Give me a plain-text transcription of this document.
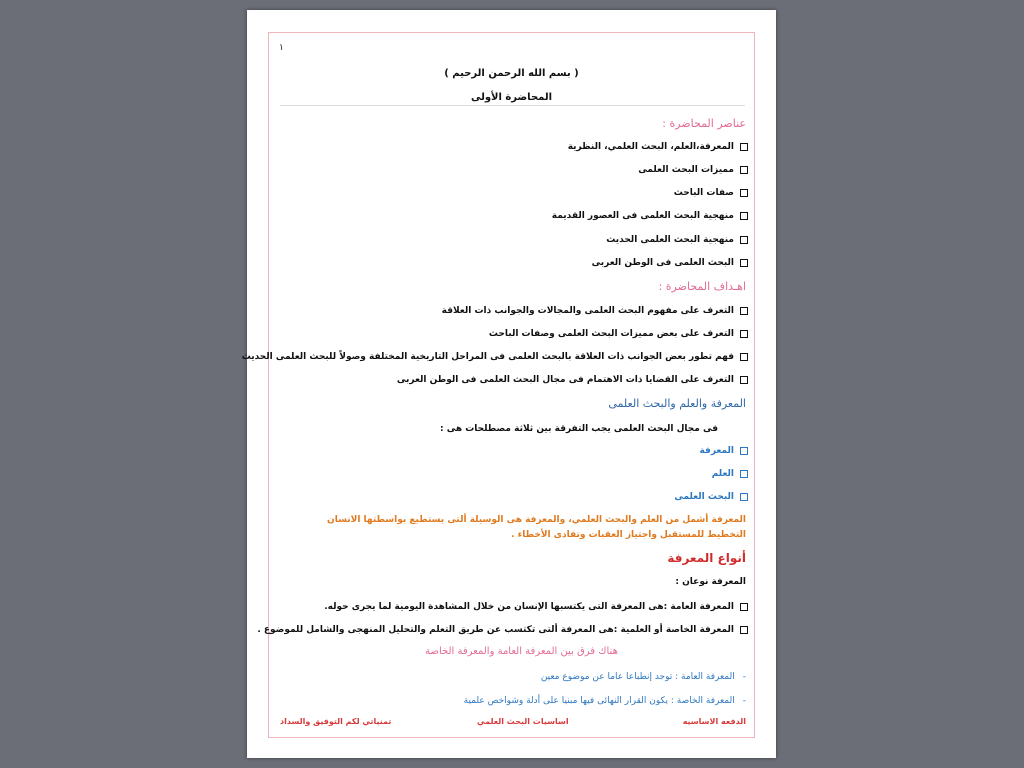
١
( بسم الله الرحمن الرحيم )
المحاضرة الأولى
عناصر المحاضرة :
المعرفة،العلم، البحث العلمي، النظرية
مميزات البحث العلمى
صفات الباحث
منهجية البحث العلمى فى العصور القديمة
منهجية البحث العلمى الحديث
البحث العلمى فى الوطن العربى
اهـداف المحاضرة :
التعرف على مفهوم البحث العلمى والمجالات والجوانب ذات العلاقة
التعرف على بعض مميزات البحث العلمى وصفات الباحث
فهم تطور بعض الجوانب ذات العلاقة بالبحث العلمى فى المراحل التاريخية المختلفة وصولاً للبحث العلمى الحديث
التعرف على القضايا ذات الاهتمام فى مجال البحث العلمى فى الوطن العربى
المعرفة والعلم والبحث العلمى
فى مجال البحث العلمى يجب التفرقة بين ثلاثة مصطلحات هى :
المعرفة
العلم
البحث العلمى
المعرفة أشمل من العلم والبحث العلمي، والمعرفة هى الوسيلة ألتى يستطيع بواسطتها الانسان التخطيط للمستقبل واجتياز العقبات وتفادى الأخطاء .
أنواع المعرفة
المعرفة نوعان :
المعرفة العامة :هى المعرفة التى يكتسبها الإنسان من خلال المشاهدة اليومية لما يجرى حوله.
المعرفة الخاصة أو العلمية :هى المعرفة ألتى تكتسب عن طريق التعلم والتحليل المنهجى والشامل للموضوع .
هناك فرق بين المعرفة العامة والمعرفة الخاصة
-
المعرفة العامة : توجد إنطباعا عاما عن موضوع معين
-
المعرفة الخاصة : يكون القرار النهائى فيها مبنيا على أدلة وشواخص علمية
الدفعه الاساسيه
اساسيات البحث العلمي
تمنياتي لكم التوفيق والسداد
